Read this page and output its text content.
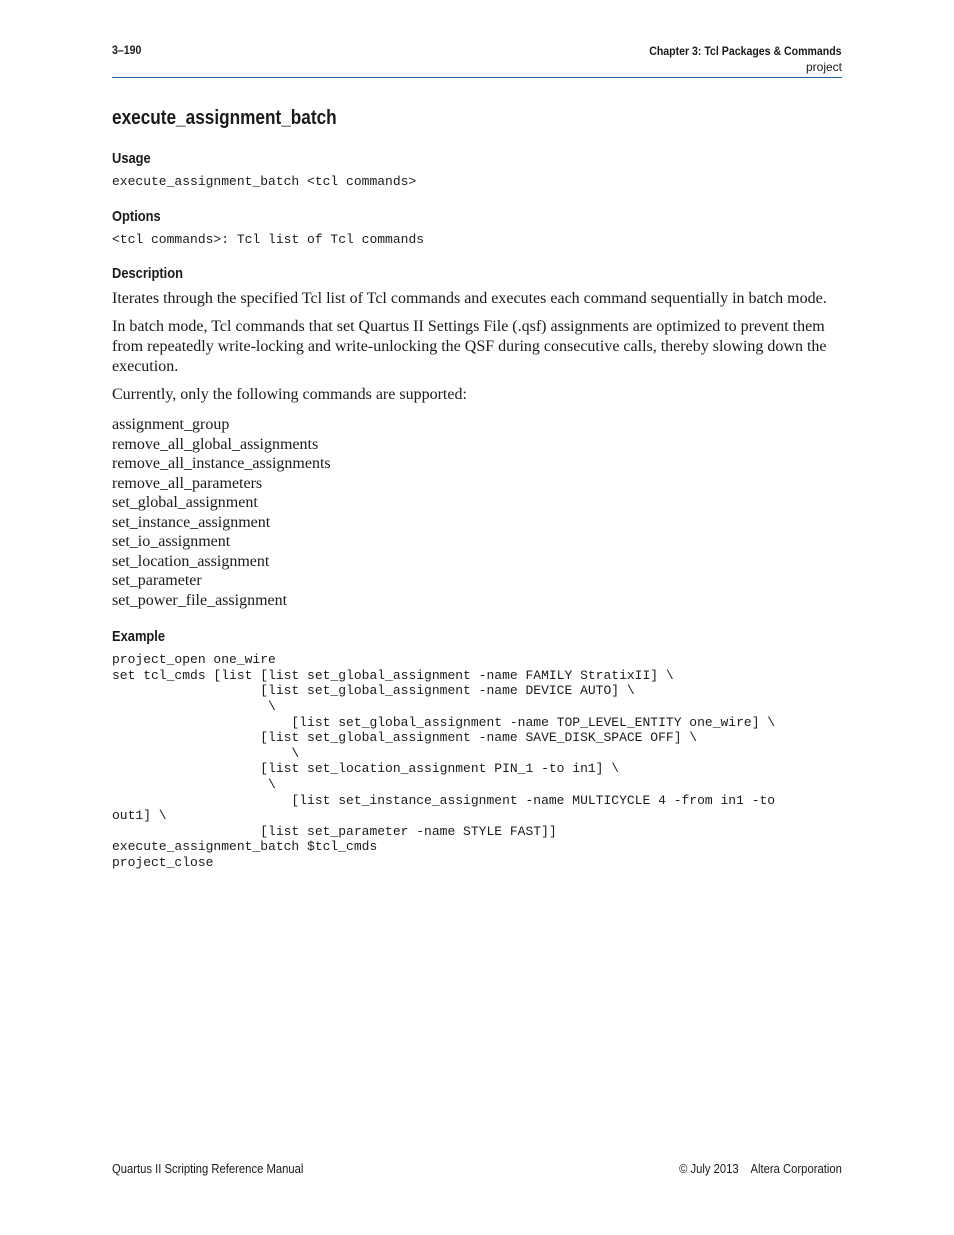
3–190	Chapter 3: Tcl Packages & Commands
project
execute_assignment_batch
Usage
execute_assignment_batch <tcl commands>
Options
<tcl commands>: Tcl list of Tcl commands
Description

Iterates through the specified Tcl list of Tcl commands and executes each command sequentially in batch mode.

In batch mode, Tcl commands that set Quartus II Settings File (.qsf) assignments are optimized to prevent them from repeatedly write-locking and write-unlocking the QSF during consecutive calls, thereby slowing down the execution.

Currently, only the following commands are supported:

assignment_group
remove_all_global_assignments
remove_all_instance_assignments
remove_all_parameters
set_global_assignment
set_instance_assignment
set_io_assignment
set_location_assignment
set_parameter
set_power_file_assignment
Example
project_open one_wire
set tcl_cmds [list [list set_global_assignment -name FAMILY StratixII] \
[list set_global_assignment -name DEVICE AUTO] \
\
[list set_global_assignment -name TOP_LEVEL_ENTITY one_wire] \
[list set_global_assignment -name SAVE_DISK_SPACE OFF] \
\
[list set_location_assignment PIN_1 -to in1] \
\
[list set_instance_assignment -name MULTICYCLE 4 -from in1 -to
out1] \
[list set_parameter -name STYLE FAST]]
execute_assignment_batch $tcl_cmds
project_close
Quartus II Scripting Reference Manual	© July 2013    Altera Corporation
